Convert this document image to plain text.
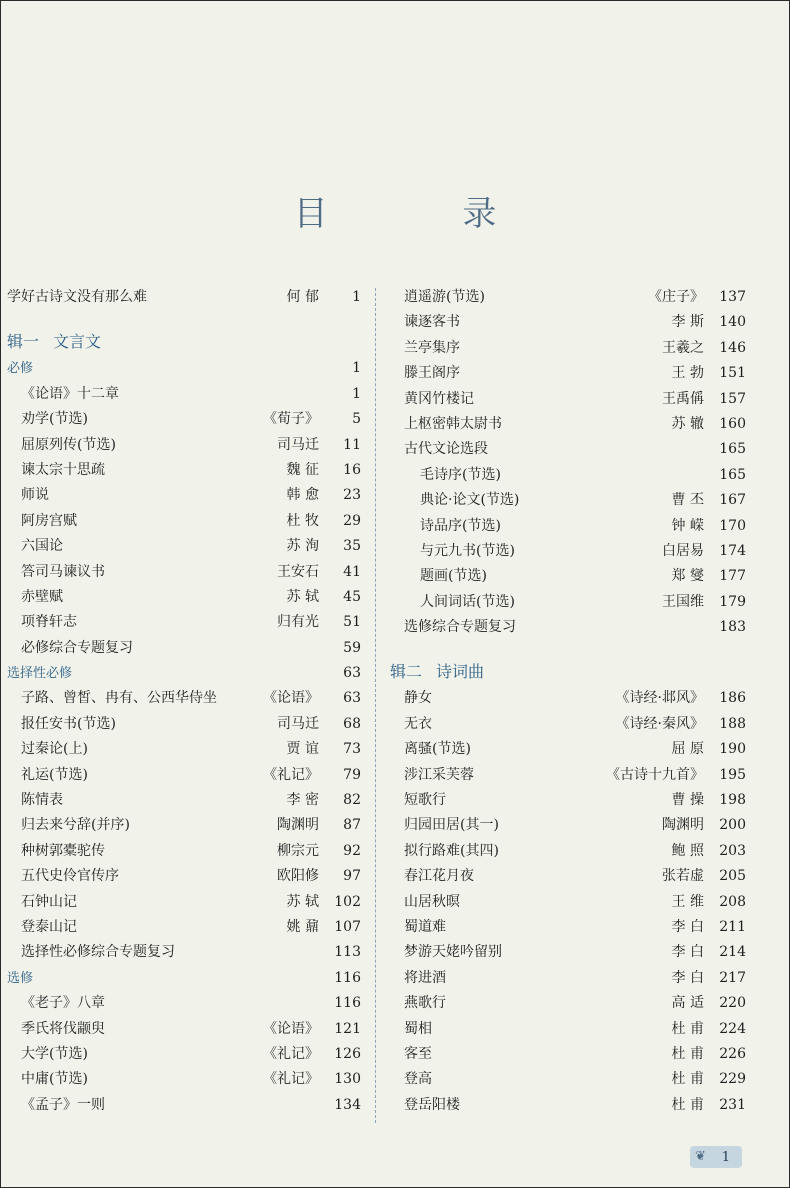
目 录
学好古诗文没有那么难	何 郁	1
辑一 文言文
必修	1
《论语》十二章	1
劝学(节选)	《荀子》	5
屈原列传(节选)	司马迁	11
谏太宗十思疏	魏 征	16
师说	韩 愈	23
阿房宫赋	杜 牧	29
六国论	苏 洵	35
答司马谏议书	王安石	41
赤壁赋	苏 轼	45
项脊轩志	归有光	51
必修综合专题复习	59
选择性必修	63
子路、曾皙、冉有、公西华侍坐	《论语》	63
报任安书(节选)	司马迁	68
过秦论(上)	贾 谊	73
礼运(节选)	《礼记》	79
陈情表	李 密	82
归去来兮辞(并序)	陶渊明	87
种树郭橐驼传	柳宗元	92
五代史伶官传序	欧阳修	97
石钟山记	苏 轼	102
登泰山记	姚 鼐	107
选择性必修综合专题复习	113
选修	116
《老子》八章	116
季氏将伐颛臾	《论语》	121
大学(节选)	《礼记》	126
中庸(节选)	《礼记》	130
《孟子》一则	134
逍遥游(节选)	《庄子》	137
谏逐客书	李 斯	140
兰亭集序	王羲之	146
滕王阁序	王 勃	151
黄冈竹楼记	王禹偁	157
上枢密韩太尉书	苏 辙	160
古代文论选段	165
毛诗序(节选)	165
典论·论文(节选)	曹 丕	167
诗品序(节选)	钟 嵘	170
与元九书(节选)	白居易	174
题画(节选)	郑 燮	177
人间词话(节选)	王国维	179
选修综合专题复习	183
辑二 诗词曲
静女	《诗经·邶风》	186
无衣	《诗经·秦风》	188
离骚(节选)	屈 原	190
涉江采芙蓉	《古诗十九首》	195
短歌行	曹 操	198
归园田居(其一)	陶渊明	200
拟行路难(其四)	鲍 照	203
春江花月夜	张若虚	205
山居秋暝	王 维	208
蜀道难	李 白	211
梦游天姥吟留别	李 白	214
将进酒	李 白	217
燕歌行	高 适	220
蜀相	杜 甫	224
客至	杜 甫	226
登高	杜 甫	229
登岳阳楼	杜 甫	231
❦ 1
